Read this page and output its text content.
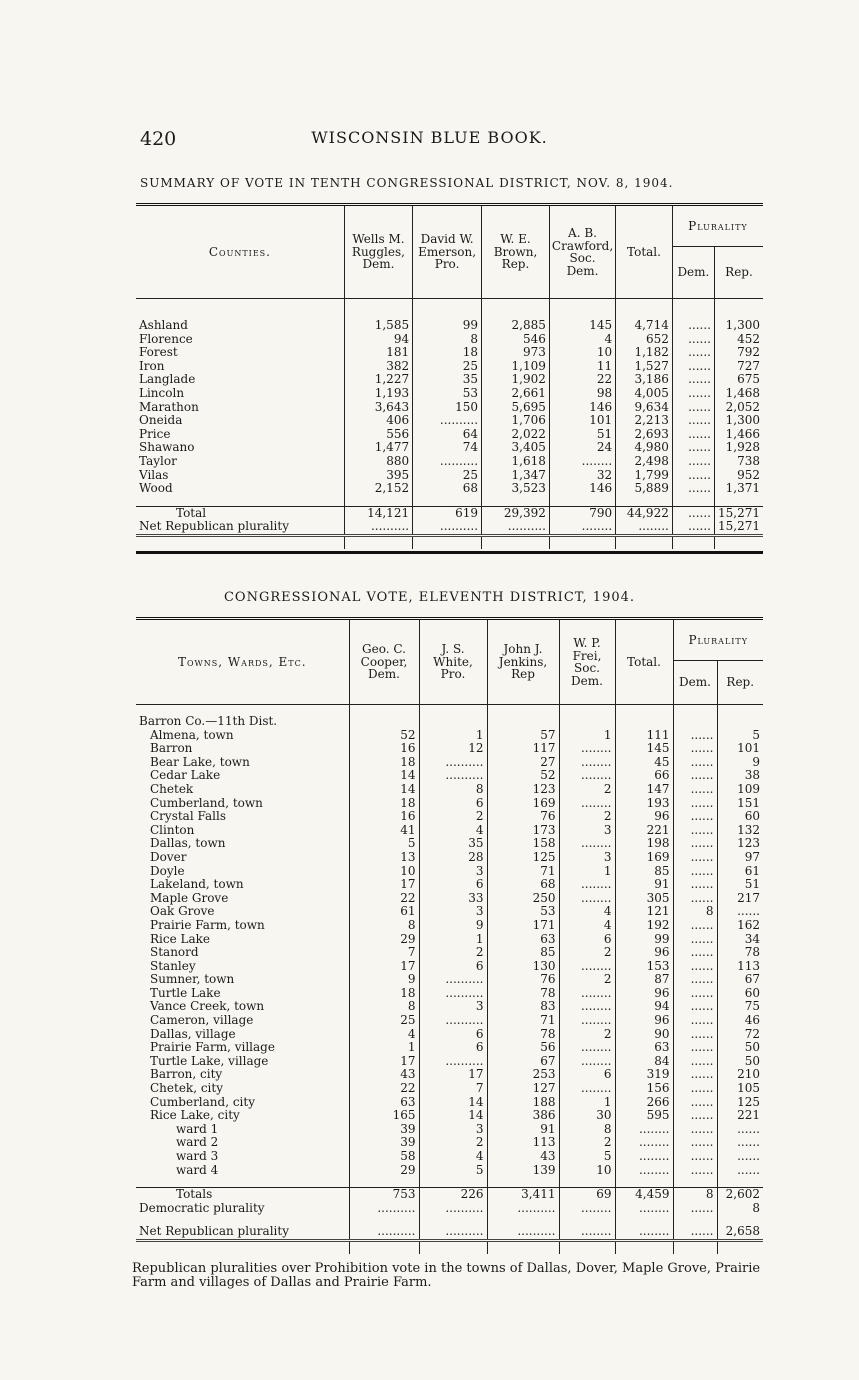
420	WISCONSIN BLUE BOOK.
SUMMARY OF VOTE IN TENTH CONGRESSIONAL DISTRICT, NOV. 8, 1904.
Counties.	Wells M. Ruggles, Dem.	David W. Emerson, Pro.	W. E. Brown, Rep.	A. B. Crawford, Soc. Dem.	Total.	Plurality	
						Dem.	Rep.

Ashland	1,585	99	2,885	145	4,714	......	1,300
Florence	94	8	546	4	652	......	452
Forest	181	18	973	10	1,182	......	792
Iron	382	25	1,109	11	1,527	......	727
Langlade	1,227	35	1,902	22	3,186	......	675
Lincoln	1,193	53	2,661	98	4,005	......	1,468
Marathon	3,643	150	5,695	146	9,634	......	2,052
Oneida	406	..........	1,706	101	2,213	......	1,300
Price	556	64	2,022	51	2,693	......	1,466
Shawano	1,477	74	3,405	24	4,980	......	1,928
Taylor	880	..........	1,618	........	2,498	......	738
Vilas	395	25	1,347	32	1,799	......	952
Wood	2,152	68	3,523	146	5,889	......	1,371

Total	14,121	619	29,392	790	44,922	......	15,271
Net Republican plurality	..........	..........	..........	........	........	......	15,271

CONGRESSIONAL VOTE, ELEVENTH DISTRICT, 1904.
Towns, Wards, Etc.	Geo. C. Cooper, Dem.	J. S. White, Pro.	John J. Jenkins, Rep	W. P. Frei, Soc. Dem.	Total.	Plurality	
						Dem.	Rep.

Barron Co.—11th Dist.							
Almena, town	52	1	57	1	111	......	5
Barron	16	12	117	........	145	......	101
Bear Lake, town	18	..........	27	........	45	......	9
Cedar Lake	14	..........	52	........	66	......	38
Chetek	14	8	123	2	147	......	109
Cumberland, town	18	6	169	........	193	......	151
Crystal Falls	16	2	76	2	96	......	60
Clinton	41	4	173	3	221	......	132
Dallas, town	5	35	158	........	198	......	123
Dover	13	28	125	3	169	......	97
Doyle	10	3	71	1	85	......	61
Lakeland, town	17	6	68	........	91	......	51
Maple Grove	22	33	250	........	305	......	217
Oak Grove	61	3	53	4	121	8	......
Prairie Farm, town	8	9	171	4	192	......	162
Rice Lake	29	1	63	6	99	......	34
Stanord	7	2	85	2	96	......	78
Stanley	17	6	130	........	153	......	113
Sumner, town	9	..........	76	2	87	......	67
Turtle Lake	18	..........	78	........	96	......	60
Vance Creek, town	8	3	83	........	94	......	75
Cameron, village	25	..........	71	........	96	......	46
Dallas, village	4	6	78	2	90	......	72
Prairie Farm, village	1	6	56	........	63	......	50
Turtle Lake, village	17	..........	67	........	84	......	50
Barron, city	43	17	253	6	319	......	210
Chetek, city	22	7	127	........	156	......	105
Cumberland, city	63	14	188	1	266	......	125
Rice Lake, city	165	14	386	30	595	......	221
ward 1	39	3	91	8	........	......	......
ward 2	39	2	113	2	........	......	......
ward 3	58	4	43	5	........	......	......
ward 4	29	5	139	10	........	......	......

Totals	753	226	3,411	69	4,459	8	2,602
Democratic plurality	..........	..........	..........	........	........	......	8

Net Republican plurality	..........	..........	..........	........	........	......	2,658

Republican pluralities over Prohibition vote in the towns of Dallas, Dover, Maple Grove, Prairie Farm and villages of Dallas and Prairie Farm.
